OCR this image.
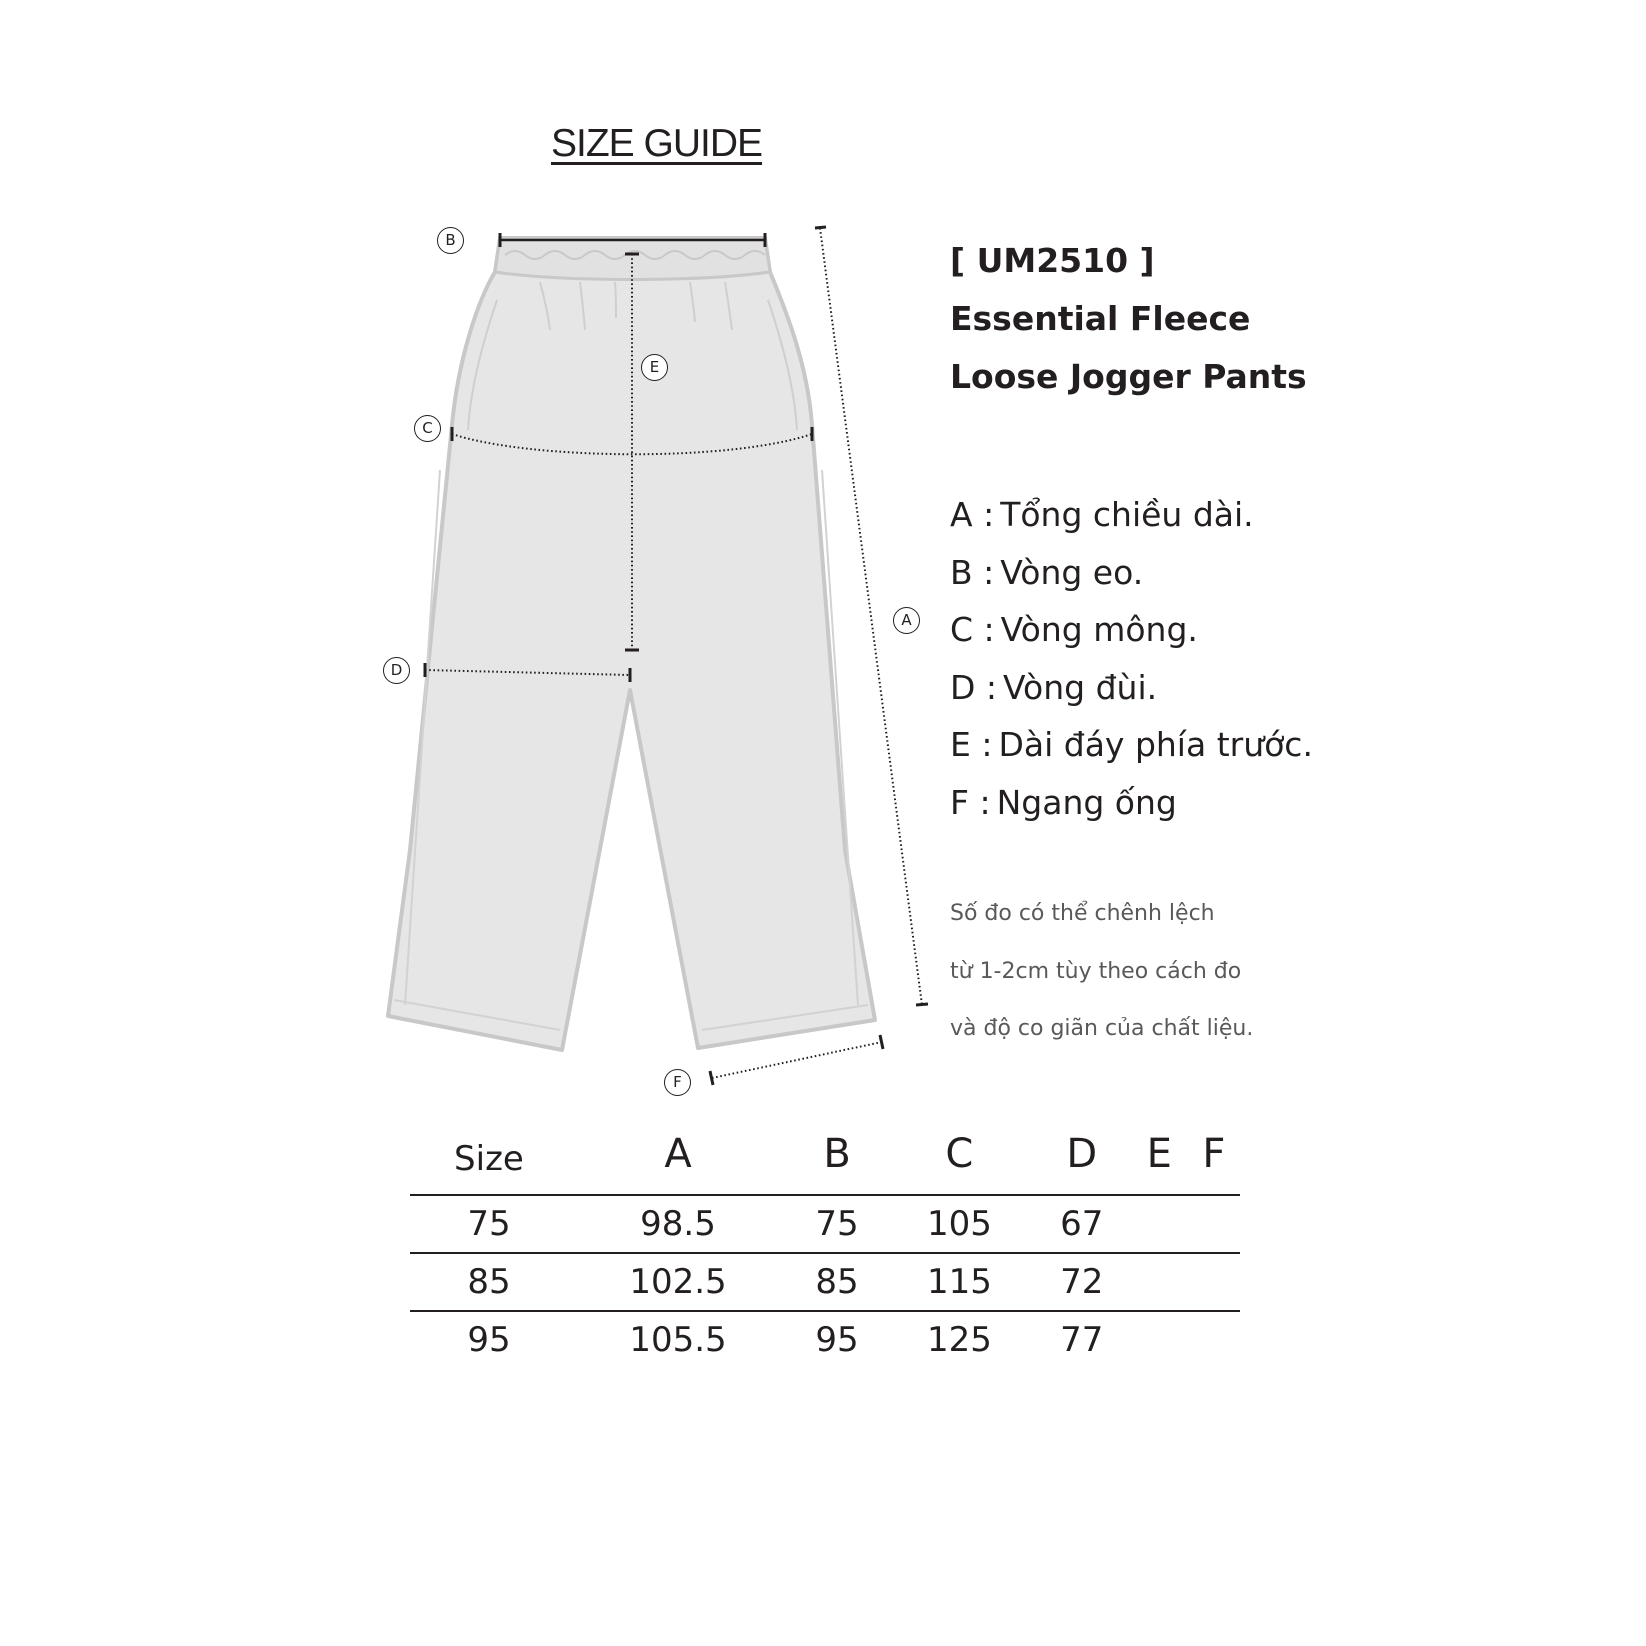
SIZE GUIDE
B
E
C
A
D
F
[ UM2510 ]
Essential Fleece
Loose Jogger Pants
A : Tổng chiều dài.
B : Vòng eo.
C : Vòng mông.
D : Vòng đùi.
E : Dài đáy phía trước.
F : Ngang ống
Số đo có thể chênh lệch
từ 1-2cm tùy theo cách đo
và độ co giãn của chất liệu.
Size	A	B	C	D	E	F
75	98.5	75	105	67		
85	102.5	85	115	72		
95	105.5	95	125	77		
